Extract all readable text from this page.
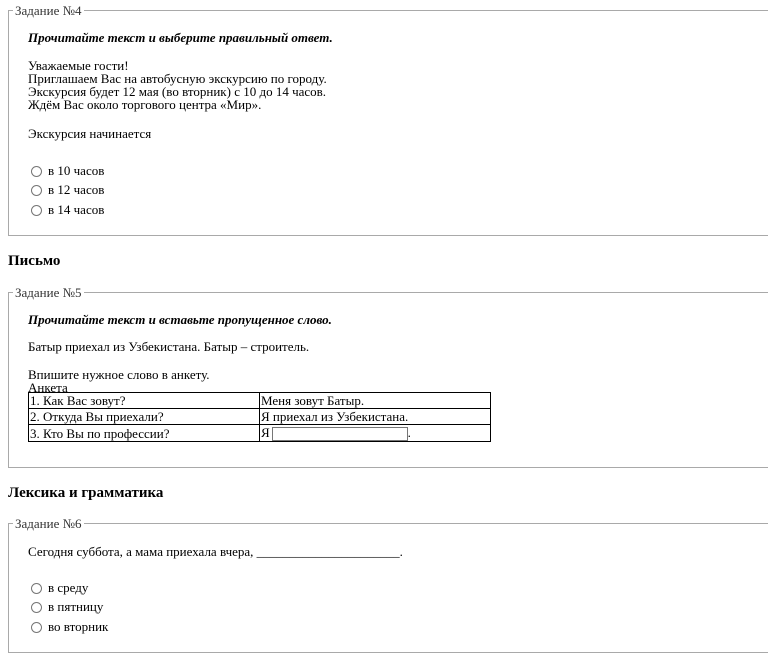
Задание №4
Прочитайте текст и выберите правильный ответ.
Уважаемые гости!
Приглашаем Вас на автобусную экскурсию по городу.
Экскурсия будет 12 мая (во вторник) с 10 до 14 часов.
Ждём Вас около торгового центра «Мир».
Экскурсия начинается
в 10 часов
в 12 часов
в 14 часов
Письмо
Задание №5
Прочитайте текст и вставьте пропущенное слово.
Батыр приехал из Узбекистана. Батыр – строитель.
Впишите нужное слово в анкету.
Анкета
1. Как Вас зовут?	Меня зовут Батыр.
2. Откуда Вы приехали?	Я приехал из Узбекистана.
3. Кто Вы по профессии?	Я .
Лексика и грамматика
Задание №6
Сегодня суббота, а мама приехала вчера, ______________________.
в среду
в пятницу
во вторник
